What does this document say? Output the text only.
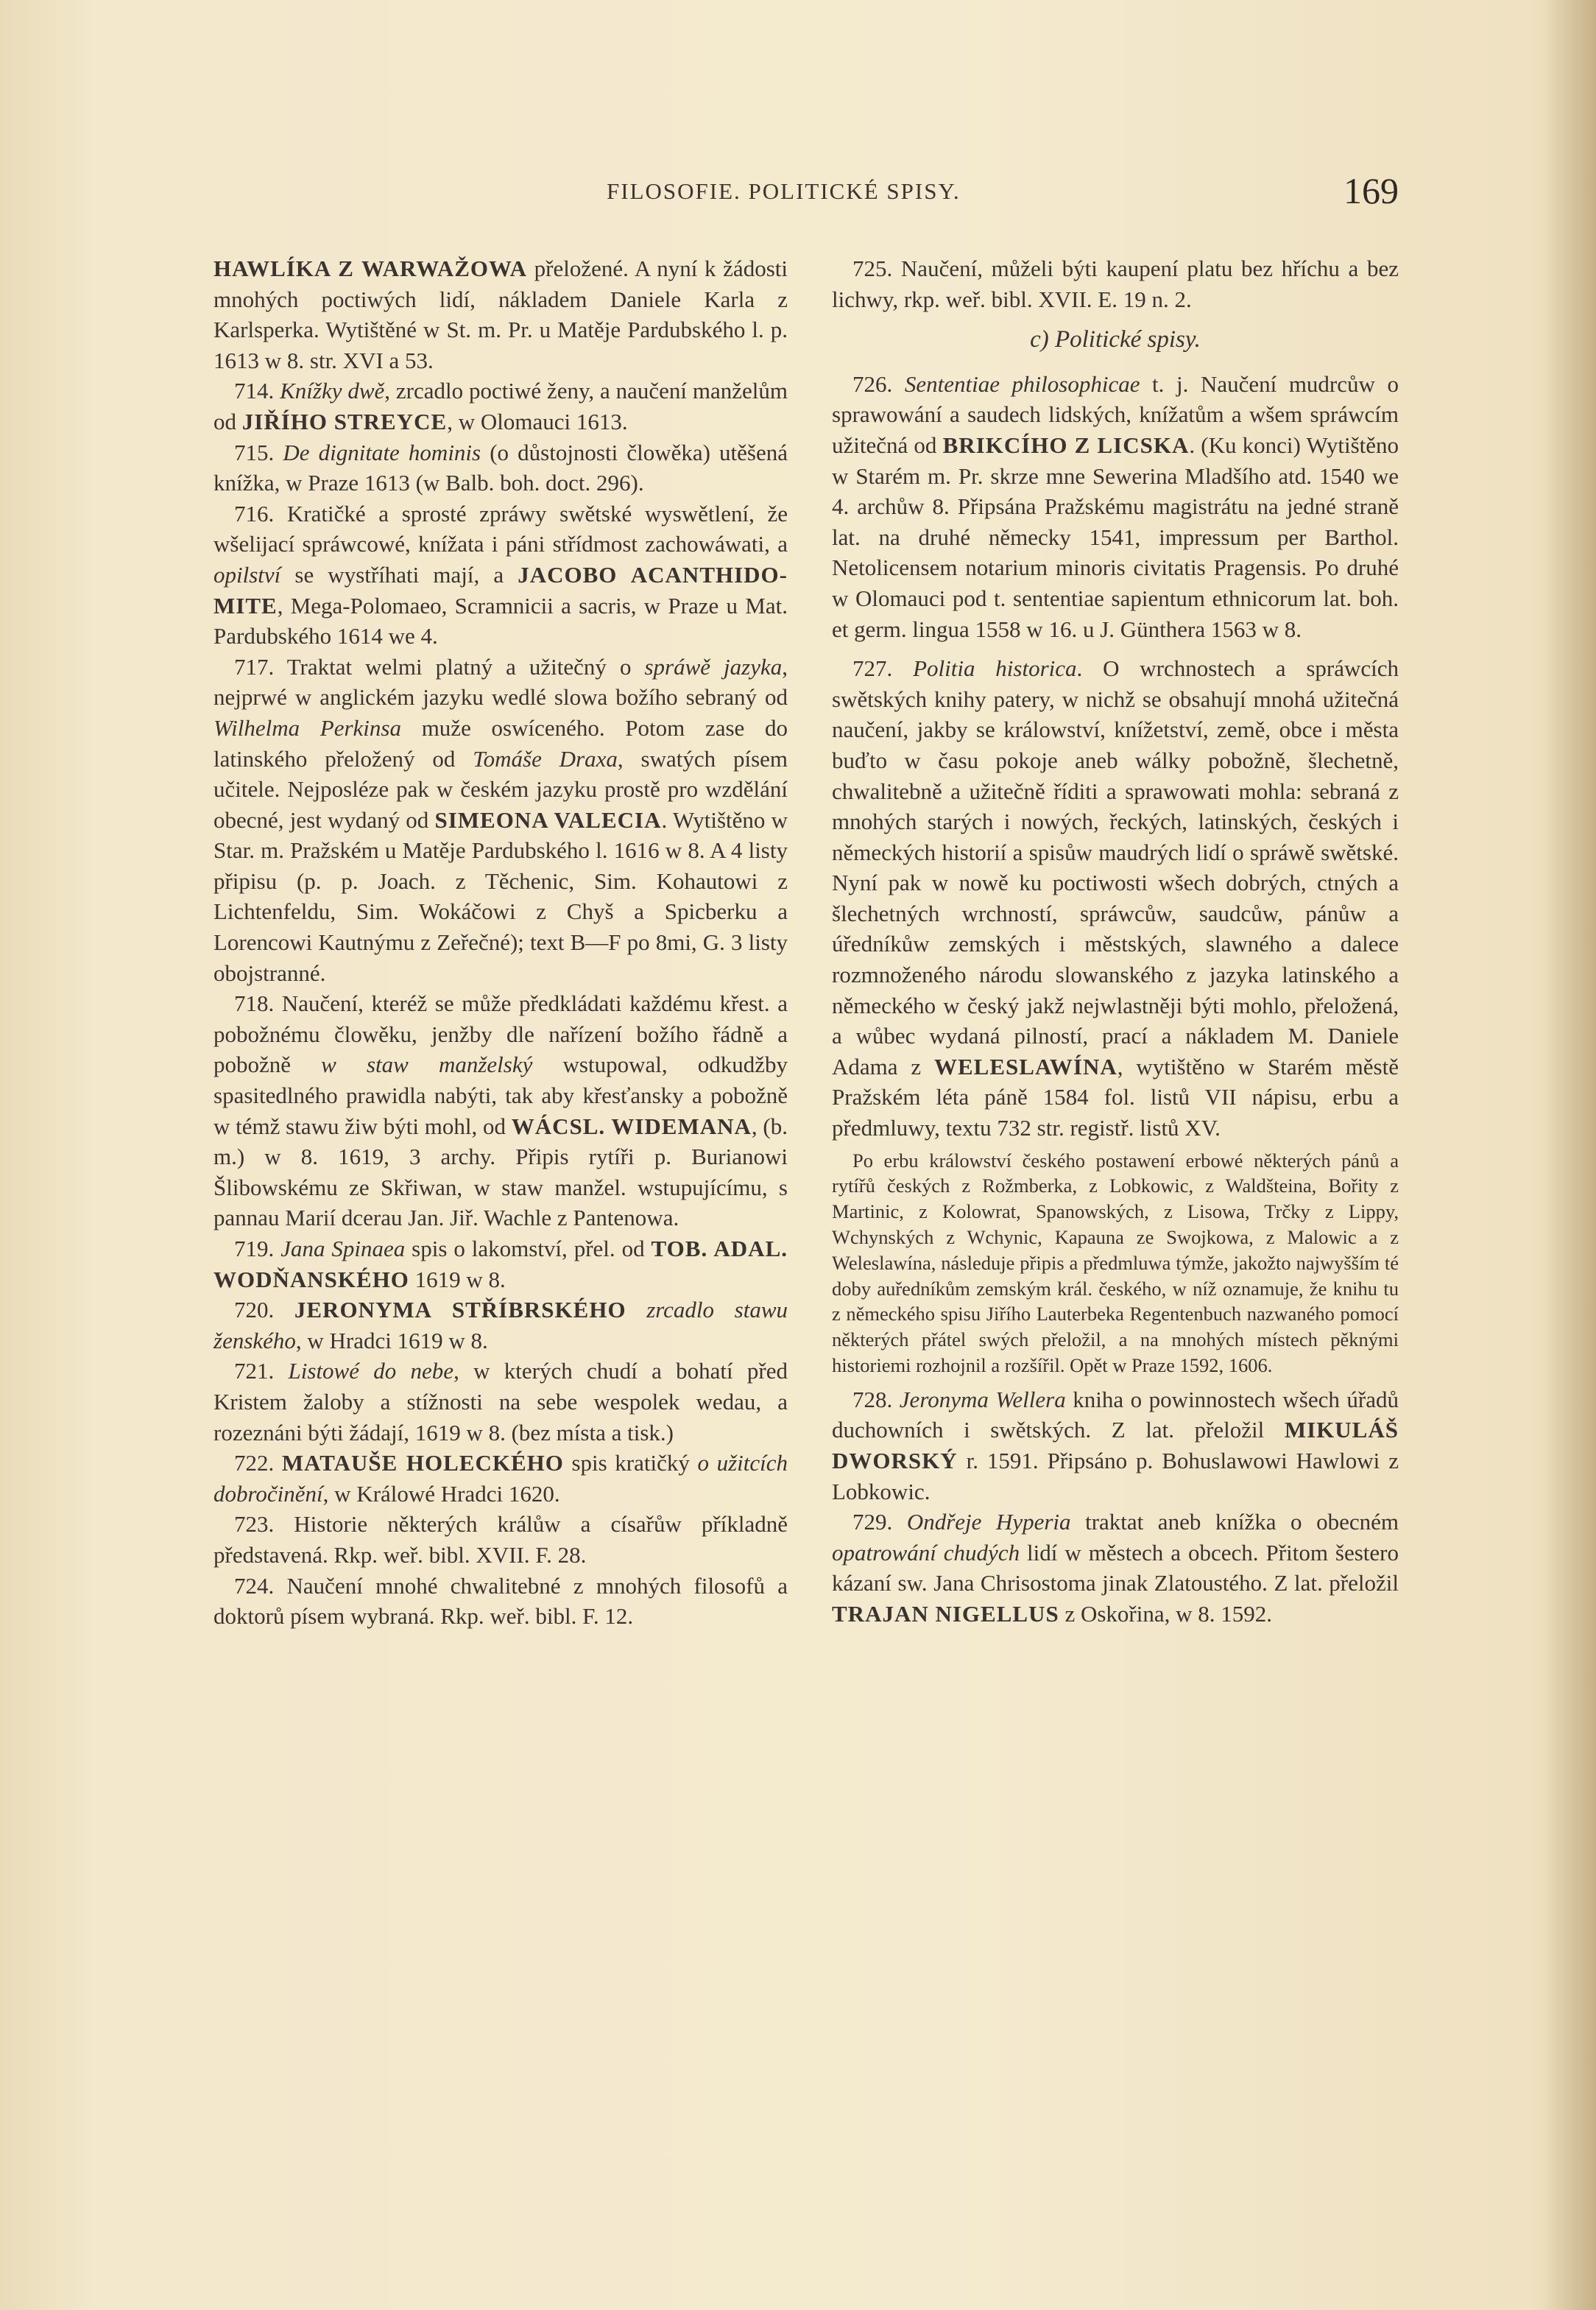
FILOSOFIE. POLITICKÉ SPISY.	169

HAWLÍKA Z WARWAŽOWA přeložené. A nyní k žádosti mnohých poctiwých lidí, nákladem Daniele Karla z Karlsperka. Wytištěné w St. m. Pr. u Matěje Pardubského l. p. 1613 w 8. str. XVI a 53.

714. Knížky dwě, zrcadlo poctiwé ženy, a naučení manželům od JIŘÍHO STREYCE, w Olomauci 1613.

715. De dignitate hominis (o důstojnosti člowěka) utěšená knížka, w Praze 1613 (w Balb. boh. doct. 296).

716. Kratičké a sprosté zpráwy swětské wyswětlení, že wšelijací spráwcowé, knížata i páni střídmost zachowáwati, a opilství se wystříhati mají, a JACOBO ACANTHIDO-MITE, Mega-Polomaeo, Scramnicii a sacris, w Praze u Mat. Pardubského 1614 we 4.

717. Traktat welmi platný a užitečný o spráwě jazyka, nejprwé w anglickém jazyku wedlé slowa božího sebraný od Wilhelma Perkinsa muže oswíceného. Potom zase do latinského přeložený od Tomáše Draxa, swatých písem učitele. Nejposléze pak w českém jazyku prostě pro wzdělání obecné, jest wydaný od SIMEONA VALECIA. Wytištěno w Star. m. Pražském u Matěje Pardubského l. 1616 w 8. A 4 listy připisu (p. p. Joach. z Těchenic, Sim. Kohautowi z Lichtenfeldu, Sim. Wokáčowi z Chyš a Spicberku a Lorencowi Kautnýmu z Zeřečné); text B—F po 8mi, G. 3 listy obojstranné.

718. Naučení, kteréž se může předkládati každému křest. a pobožnému člowěku, jenžby dle nařízení božího řádně a pobožně w staw manželský wstupowal, odkudžby spasitedlného prawidla nabýti, tak aby křesťansky a pobožně w témž stawu žiw býti mohl, od WÁCSL. WIDEMANA, (b. m.) w 8. 1619, 3 archy. Připis rytíři p. Burianowi Šlibowskému ze Skřiwan, w staw manžel. wstupujícímu, s pannau Marií dcerau Jan. Jiř. Wachle z Pantenowa.

719. Jana Spinaea spis o lakomství, přel. od TOB. ADAL. WODŇANSKÉHO 1619 w 8.

720. JERONYMA STŘÍBRSKÉHO zrcadlo stawu ženského, w Hradci 1619 w 8.

721. Listowé do nebe, w kterých chudí a bohatí před Kristem žaloby a stížnosti na sebe wespolek wedau, a rozeznáni býti žádají, 1619 w 8. (bez místa a tisk.)

722. MATAUŠE HOLECKÉHO spis kratičký o užitcích dobročinění, w Králowé Hradci 1620.

723. Historie některých králůw a císařůw příkladně představená. Rkp. weř. bibl. XVII. F. 28.

724. Naučení mnohé chwalitebné z mnohých filosofů a doktorů písem wybraná. Rkp. weř. bibl. F. 12.

725. Naučení, můželi býti kaupení platu bez hříchu a bez lichwy, rkp. weř. bibl. XVII. E. 19 n. 2.

c) Politické spisy.

726. Sententiae philosophicae t. j. Naučení mudrcůw o sprawowání a saudech lidských, knížatům a wšem spráwcím užitečná od BRIKCÍHO Z LICSKA. (Ku konci) Wytištěno w Starém m. Pr. skrze mne Sewerina Mladšího atd. 1540 we 4. archůw 8. Připsána Pražskému magistrátu na jedné straně lat. na druhé německy 1541, impressum per Barthol. Netolicensem notarium minoris civitatis Pragensis. Po druhé w Olomauci pod t. sententiae sapientum ethnicorum lat. boh. et germ. lingua 1558 w 16. u J. Günthera 1563 w 8.

727. Politia historica. O wrchnostech a spráwcích swětských knihy patery, w nichž se obsahují mnohá užitečná naučení, jakby se králowství, knížetství, země, obce i města buďto w času pokoje aneb wálky pobožně, šlechetně, chwalitebně a užitečně říditi a sprawowati mohla: sebraná z mnohých starých i nowých, řeckých, latinských, českých i německých historií a spisůw maudrých lidí o spráwě swětské. Nyní pak w nowě ku poctiwosti wšech dobrých, ctných a šlechetných wrchností, spráwcůw, saudcůw, pánůw a úředníkůw zemských i městských, slawného a dalece rozmnoženého národu slowanského z jazyka latinského a německého w český jakž nejwlastněji býti mohlo, přeložená, a wůbec wydaná pilností, prací a nákladem M. Daniele Adama z WELESLAWÍNA, wytištěno w Starém městě Pražském léta páně 1584 fol. listů VII nápisu, erbu a předmluwy, textu 732 str. registř. listů XV.

Po erbu králowství českého postawení erbowé některých pánů a rytířů českých z Rožmberka, z Lobkowic, z Waldšteina, Bořity z Martinic, z Kolowrat, Spanowských, z Lisowa, Trčky z Lippy, Wchynských z Wchynic, Kapauna ze Swojkowa, z Malowic a z Weleslawína, následuje připis a předmluwa týmže, jakožto najwyšším té doby auředníkům zemským král. českého, w níž oznamuje, že knihu tu z německého spisu Jiřího Lauterbeka Regentenbuch nazwaného pomocí některých přátel swých přeložil, a na mnohých místech pěknými historiemi rozhojnil a rozšířil. Opět w Praze 1592, 1606.

728. Jeronyma Wellera kniha o powinnostech wšech úřadů duchowních i swětských. Z lat. přeložil MIKULÁŠ DWORSKÝ r. 1591. Připsáno p. Bohuslawowi Hawlowi z Lobkowic.

729. Ondřeje Hyperia traktat aneb knížka o obecném opatrowání chudých lidí w městech a obcech. Přitom šestero kázaní sw. Jana Chrisostoma jinak Zlatoustého. Z lat. přeložil TRAJAN NIGELLUS z Oskořina, w 8. 1592.
